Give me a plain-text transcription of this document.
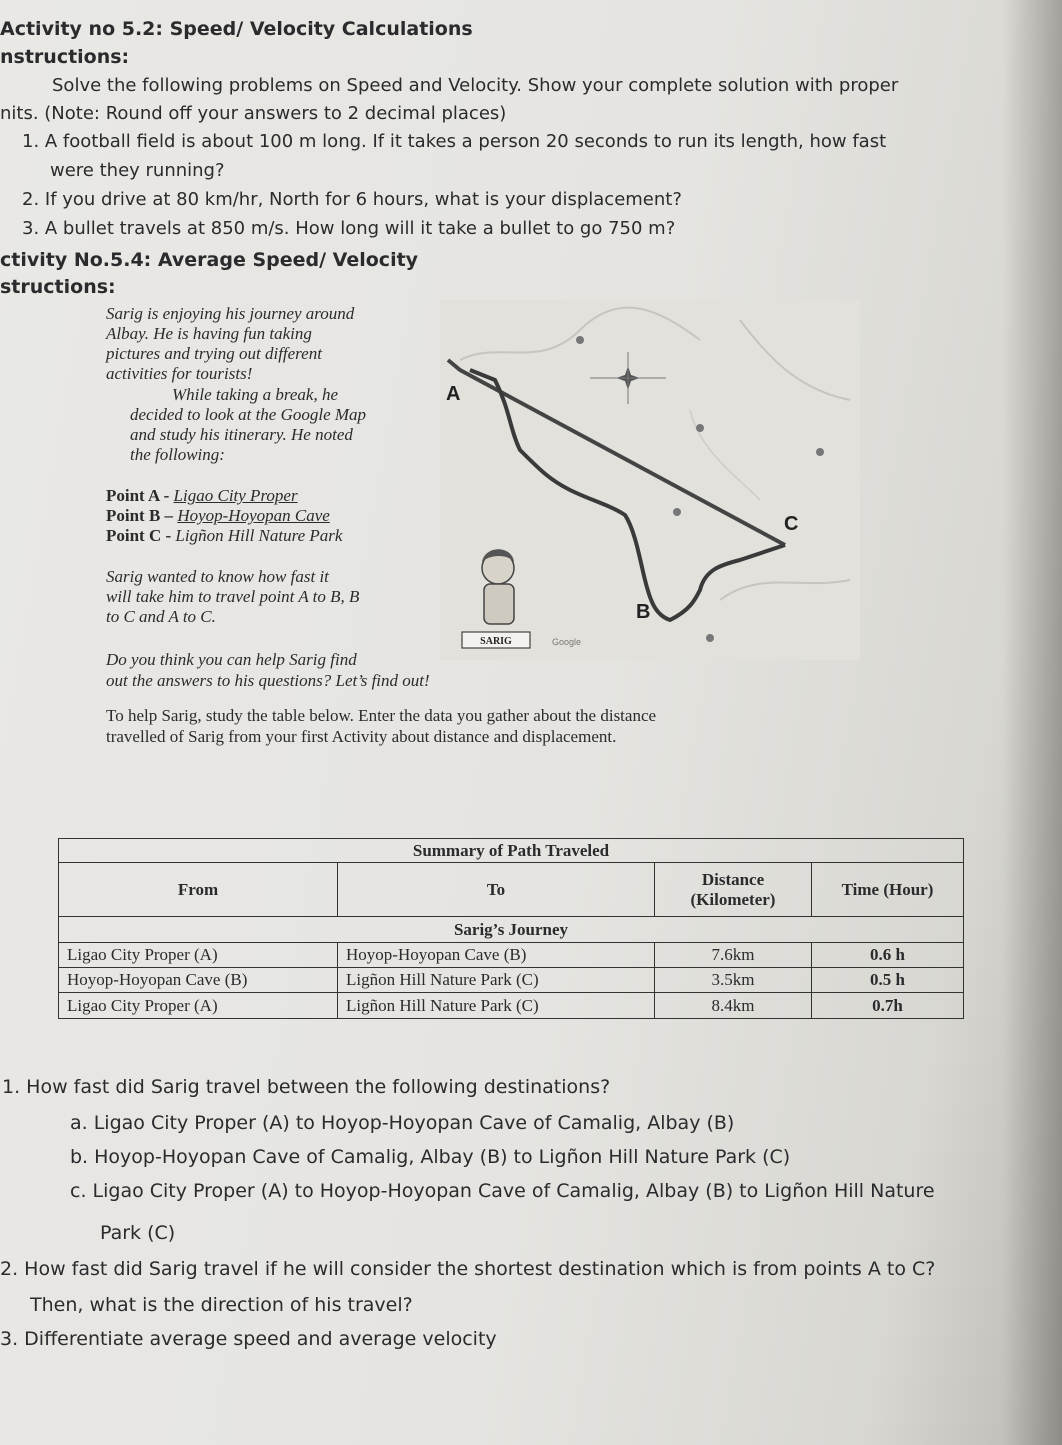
Activity no 5.2: Speed/ Velocity Calculations
nstructions:
Solve the following problems on Speed and Velocity. Show your complete solution with proper
nits. (Note: Round off your answers to 2 decimal places)
1. A football field is about 100 m long. If it takes a person 20 seconds to run its length, how fast
were they running?
2. If you drive at 80 km/hr, North for 6 hours, what is your displacement?
3. A bullet travels at 850 m/s. How long will it take a bullet to go 750 m?
ctivity No.5.4: Average Speed/ Velocity
structions:
Sarig is enjoying his journey around
Albay. He is having fun taking
pictures and trying out different
activities for tourists!
While taking a break, he
decided to look at the Google Map
and study his itinerary. He noted
the following:
Point A - Ligao City Proper
Point B – Hoyop-Hoyopan Cave
Point C - Ligñon Hill Nature Park
Sarig wanted to know how fast it
will take him to travel point A to B, B
to C and A to C.
Do you think you can help Sarig find
out the answers to his questions? Let’s find out!
To help Sarig, study the table below. Enter the data you gather about the distance
travelled of Sarig from your first Activity about distance and displacement.
A
B
C
SARIG	Google
Summary of Path Traveled			
From	To	Distance (Kilometer)	Time (Hour)
Sarig’s Journey			
Ligao City Proper (A)	Hoyop-Hoyopan Cave (B)	7.6km	0.6 h
Hoyop-Hoyopan Cave (B)	Ligñon Hill Nature Park (C)	3.5km	0.5 h
Ligao City Proper (A)	Ligñon Hill Nature Park (C)	8.4km	0.7h
1. How fast did Sarig travel between the following destinations?
a. Ligao City Proper (A) to Hoyop-Hoyopan Cave of Camalig, Albay (B)
b. Hoyop-Hoyopan Cave of Camalig, Albay (B) to Ligñon Hill Nature Park (C)
c. Ligao City Proper (A) to Hoyop-Hoyopan Cave of Camalig, Albay (B) to Ligñon Hill Nature
Park (C)
2. How fast did Sarig travel if he will consider the shortest destination which is from points A to C?
Then, what is the direction of his travel?
3. Differentiate average speed and average velocity
